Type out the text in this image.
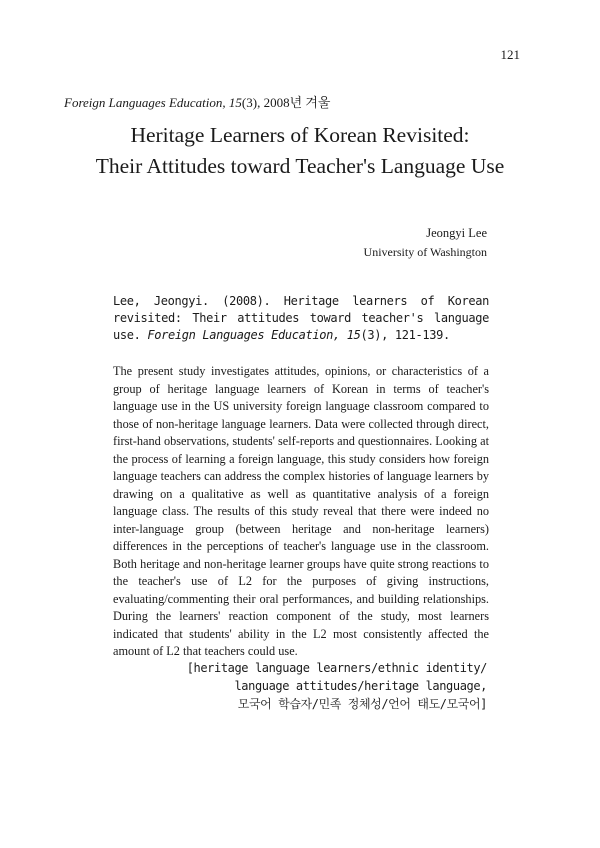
121
Foreign Languages Education, 15(3), 2008년 겨울
Heritage Learners of Korean Revisited:
Their Attitudes toward Teacher's Language Use
Jeongyi Lee
University of Washington
Lee, Jeongyi. (2008). Heritage learners of Korean revisited: Their attitudes toward teacher's language use. Foreign Languages Education, 15(3), 121-139.

The present study investigates attitudes, opinions, or characteristics of a group of heritage language learners of Korean in terms of teacher's language use in the US university foreign language classroom compared to those of non-heritage language learners. Data were collected through direct, first-hand observations, students' self-reports and questionnaires. Looking at the process of learning a foreign language, this study considers how foreign language teachers can address the complex histories of language learners by drawing on a qualitative as well as quantitative analysis of a foreign language class. The results of this study reveal that there were indeed no inter-language group (between heritage and non-heritage learners) differences in the perceptions of teacher's language use in the classroom. Both heritage and non-heritage learner groups have quite strong reactions to the teacher's use of L2 for the purposes of giving instructions, evaluating/commenting their oral performances, and building relationships. During the learners' reaction component of the study, most learners indicated that students' ability in the L2 most consistently affected the amount of L2 that teachers could use.

[heritage language learners/ethnic identity/
language attitudes/heritage language,
모국어 학습자/민족 정체성/언어 태도/모국어]
